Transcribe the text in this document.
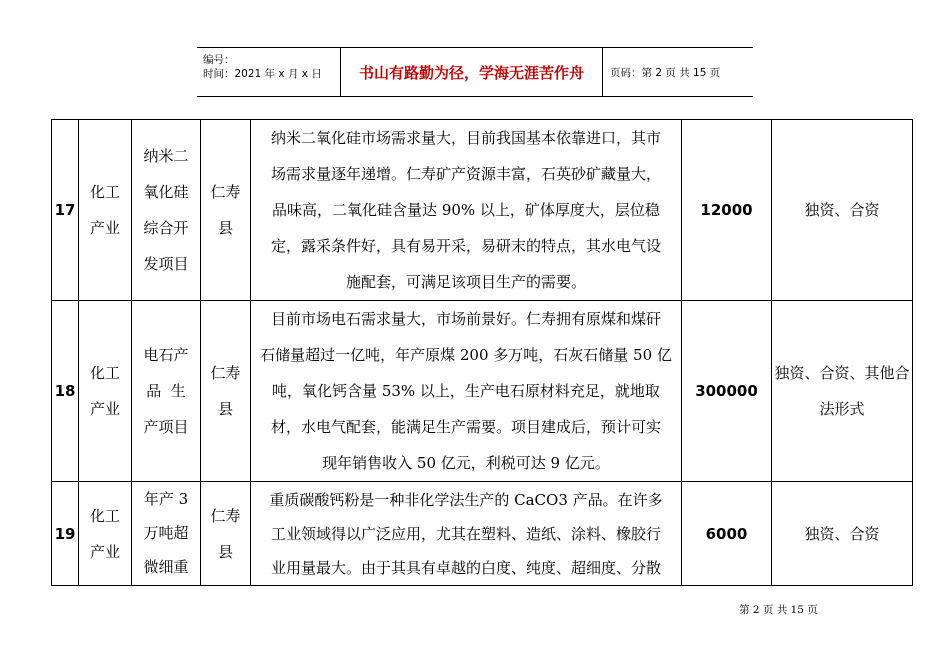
编号：
时间：2021 年 x 月 x 日	书山有路勤为径，学海无涯苦作舟	页码：第 2 页 共 15 页
17	化工
产业	纳米二
氧化硅
综合开
发项目	仁寿
县	纳米二氧化硅市场需求量大，目前我国基本依靠进口，其市
场需求量逐年递增。仁寿矿产资源丰富，石英砂矿藏量大，
品味高，二氧化硅含量达 90% 以上，矿体厚度大，层位稳
定，露采条件好，具有易开采，易研末的特点，其水电气设
施配套，可满足该项目生产的需要。	12000	独资、合资

18	化工
产业	电石产
品  生
产项目	仁寿
县	目前市场电石需求量大，市场前景好。仁寿拥有原煤和煤矸
石储量超过一亿吨，年产原煤 200 多万吨，石灰石储量 50 亿
吨，氧化钙含量 53% 以上，生产电石原材料充足，就地取
材，水电气配套，能满足生产需要。项目建成后，预计可实
现年销售收入 50 亿元，利税可达 9 亿元。	300000	独资、合资、其他合
法形式

19	化工
产业	年产 3
万吨超
微细重	仁寿
县	重质碳酸钙粉是一种非化学法生产的 CaCO3 产品。在许多
工业领域得以广泛应用，尤其在塑料、造纸、涂料、橡胶行
业用量最大。由于其具有卓越的白度、纯度、超细度、分散	6000	独资、合资
第 2 页 共 15 页
